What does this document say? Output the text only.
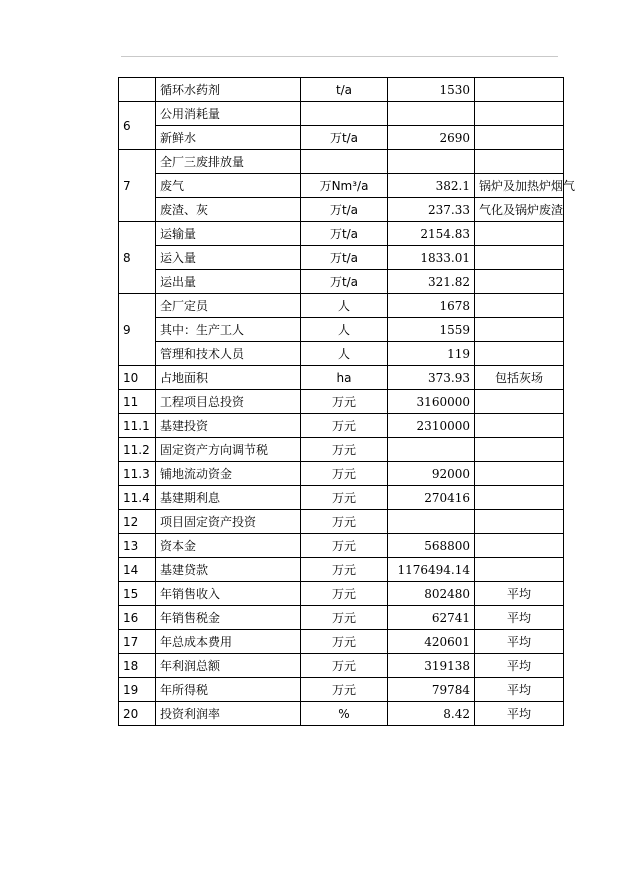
	循环水药剂	t/a	1530	
6	公用消耗量			
	新鲜水	万t/a	2690	
7	全厂三废排放量			
	废气	万Nm³/a	382.1	锅炉及加热炉烟气
	废渣、灰	万t/a	237.33	气化及锅炉废渣
8	运输量	万t/a	2154.83	
	运入量	万t/a	1833.01	
	运出量	万t/a	321.82	
9	全厂定员	人	1678	
	其中：生产工人	人	1559	
	管理和技术人员	人	119	
10	占地面积	ha	373.93	包括灰场
11	工程项目总投资	万元	3160000	
11.1	基建投资	万元	2310000	
11.2	固定资产方向调节税	万元		
11.3	铺地流动资金	万元	92000	
11.4	基建期利息	万元	270416	
12	项目固定资产投资	万元		
13	资本金	万元	568800	
14	基建贷款	万元	1176494.14	
15	年销售收入	万元	802480	平均
16	年销售税金	万元	62741	平均
17	年总成本费用	万元	420601	平均
18	年利润总额	万元	319138	平均
19	年所得税	万元	79784	平均
20	投资利润率	%	8.42	平均
